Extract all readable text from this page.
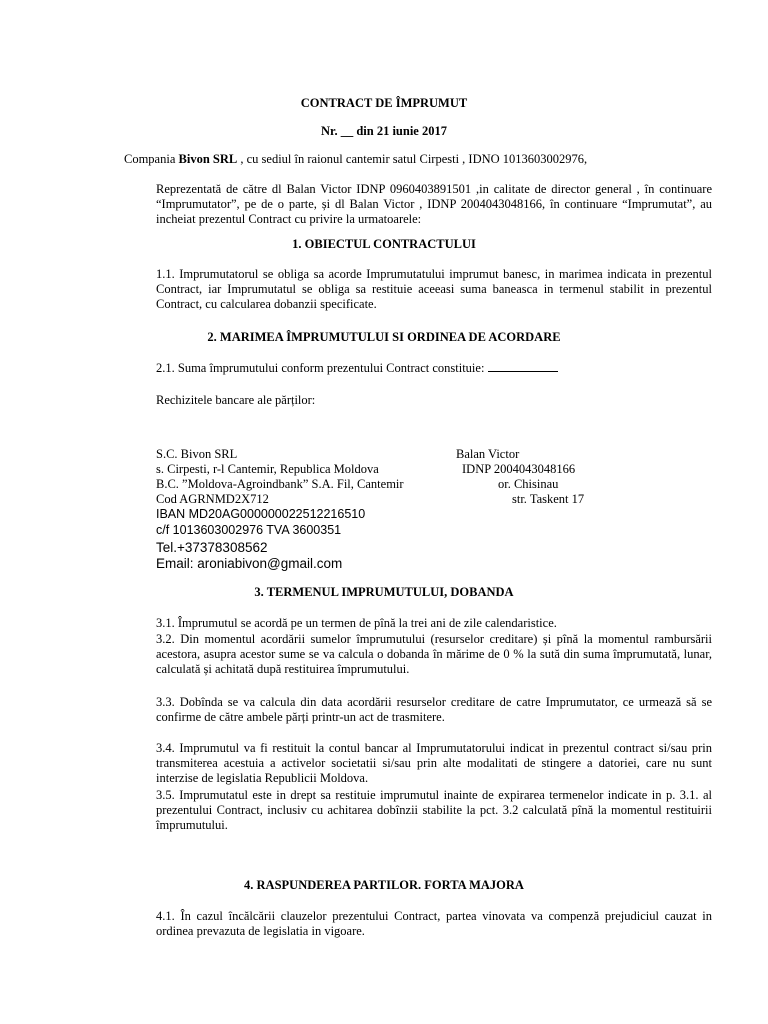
CONTRACT DE ÎMPRUMUT
Nr. __ din 21 iunie 2017
Compania Bivon SRL , cu sediul în raionul cantemir satul Cirpesti , IDNO 1013603002976,
Reprezentată de către dl Balan Victor IDNP 0960403891501 ,in calitate de director general , în continuare “Imprumutator”, pe de o parte, și dl Balan Victor , IDNP 2004043048166, în continuare “Imprumutat”, au incheiat prezentul Contract cu privire la urmatoarele:
1. OBIECTUL CONTRACTULUI
1.1. Imprumutatorul se obliga sa acorde Imprumutatului imprumut banesc, in marimea indicata in prezentul Contract, iar Imprumutatul se obliga sa restituie aceeasi suma baneasca in termenul stabilit in prezentul Contract, cu calcularea dobanzii specificate.
2. MARIMEA ÎMPRUMUTULUI SI ORDINEA DE ACORDARE
2.1. Suma împrumutului conform prezentului Contract constituie:
Rechizitele bancare ale părților:
S.C. Bivon SRL
s. Cirpesti, r-l Cantemir, Republica Moldova
B.C. ”Moldova-Agroindbank” S.A. Fil, Cantemir
Cod AGRNMD2X712
IBAN MD20AG000000022512216510
c/f 1013603002976 TVA 3600351
Tel.+37378308562
Email: aroniabivon@gmail.com
Balan Victor
IDNP 2004043048166
or. Chisinau
str. Taskent 17
3. TERMENUL IMPRUMUTULUI, DOBANDA
3.1. Împrumutul se acordă pe un termen de pînă la trei ani de zile calendaristice.
3.2. Din momentul acordării sumelor împrumutului (resurselor creditare) și pînă la momentul rambursării acestora, asupra acestor sume se va calcula o dobanda în mărime de 0 % la sută din suma împrumutată, lunar, calculată și achitată după restituirea împrumutului.
3.3. Dobînda se va calcula din data acordării resurselor creditare de catre Imprumutator, ce urmează să se confirme de către ambele părți printr-un act de trasmitere.
3.4. Imprumutul va fi restituit la contul bancar al Imprumutatorului indicat in prezentul contract si/sau prin transmiterea acestuia a activelor societatii si/sau prin alte modalitati de stingere a datoriei, care nu sunt interzise de legislatia Republicii Moldova.
3.5. Imprumutatul este in drept sa restituie imprumutul inainte de expirarea termenelor indicate in p. 3.1. al prezentului Contract, inclusiv cu achitarea dobînzii stabilite la pct. 3.2 calculată pînă la momentul restituirii împrumutului.
4. RASPUNDEREA PARTILOR. FORTA MAJORA
4.1. În cazul încălcării clauzelor prezentului Contract, partea vinovata va compenză prejudiciul cauzat in ordinea prevazuta de legislatia in vigoare.
